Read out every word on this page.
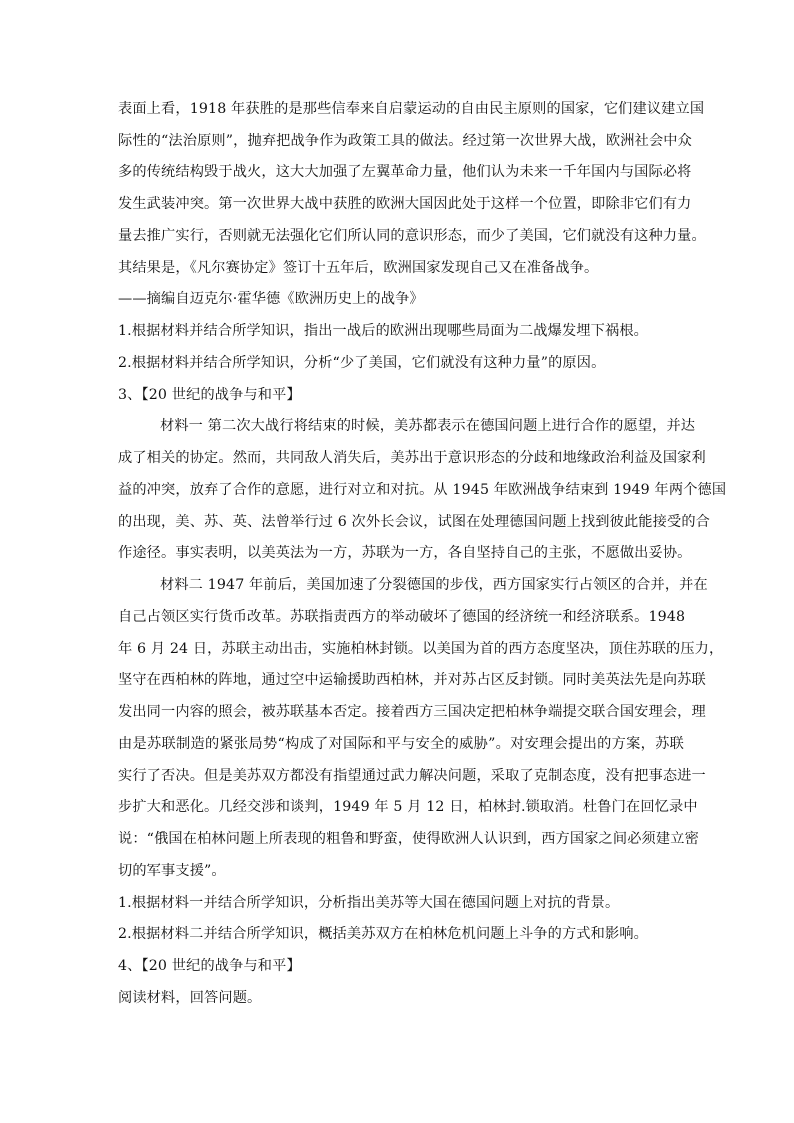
表面上看，1918 年获胜的是那些信奉来自启蒙运动的自由民主原则的国家，它们建议建立国
际性的“法治原则”，抛弃把战争作为政策工具的做法。经过第一次世界大战，欧洲社会中众
多的传统结构毁于战火，这大大加强了左翼革命力量，他们认为未来一千年国内与国际必将
发生武装冲突。第一次世界大战中获胜的欧洲大国因此处于这样一个位置，即除非它们有力
量去推广实行，否则就无法强化它们所认同的意识形态，而少了美国，它们就没有这种力量。
其结果是，《凡尔赛协定》签订十五年后，欧洲国家发现自己又在准备战争。
——摘编自迈克尔·霍华德《欧洲历史上的战争》
1.根据材料并结合所学知识，指出一战后的欧洲出现哪些局面为二战爆发埋下祸根。
2.根据材料并结合所学知识，分析“少了美国，它们就没有这种力量”的原因。
3、【20 世纪的战争与和平】
材料一 第二次大战行将结束的时候，美苏都表示在德国问题上进行合作的愿望，并达
成了相关的协定。然而，共同敌人消失后，美苏出于意识形态的分歧和地缘政治利益及国家利
益的冲突，放弃了合作的意愿，进行对立和对抗。从 1945 年欧洲战争结束到 1949 年两个德国
的出现，美、苏、英、法曾举行过 6 次外长会议，试图在处理德国问题上找到彼此能接受的合
作途径。事实表明，以美英法为一方，苏联为一方，各自坚持自己的主张，不愿做出妥协。
材料二 1947 年前后，美国加速了分裂德国的步伐，西方国家实行占领区的合并，并在
自己占领区实行货币改革。苏联指责西方的举动破坏了德国的经济统一和经济联系。1948
年 6 月 24 日，苏联主动出击，实施柏林封锁。以美国为首的西方态度坚决，顶住苏联的压力，
坚守在西柏林的阵地，通过空中运输援助西柏林，并对苏占区反封锁。同时美英法先是向苏联
发出同一内容的照会，被苏联基本否定。接着西方三国决定把柏林争端提交联合国安理会，理
由是苏联制造的紧张局势“构成了对国际和平与安全的威胁”。对安理会提出的方案，苏联
实行了否决。但是美苏双方都没有指望通过武力解决问题，采取了克制态度，没有把事态进一
步扩大和恶化。几经交涉和谈判，1949 年 5 月 12 日，柏林封.锁取消。杜鲁门在回忆录中
说：“俄国在柏林问题上所表现的粗鲁和野蛮，使得欧洲人认识到，西方国家之间必须建立密
切的军事支援”。
1.根据材料一并结合所学知识，分析指出美苏等大国在德国问题上对抗的背景。
2.根据材料二并结合所学知识，概括美苏双方在柏林危机问题上斗争的方式和影响。
4、【20 世纪的战争与和平】
阅读材料，回答问题。
